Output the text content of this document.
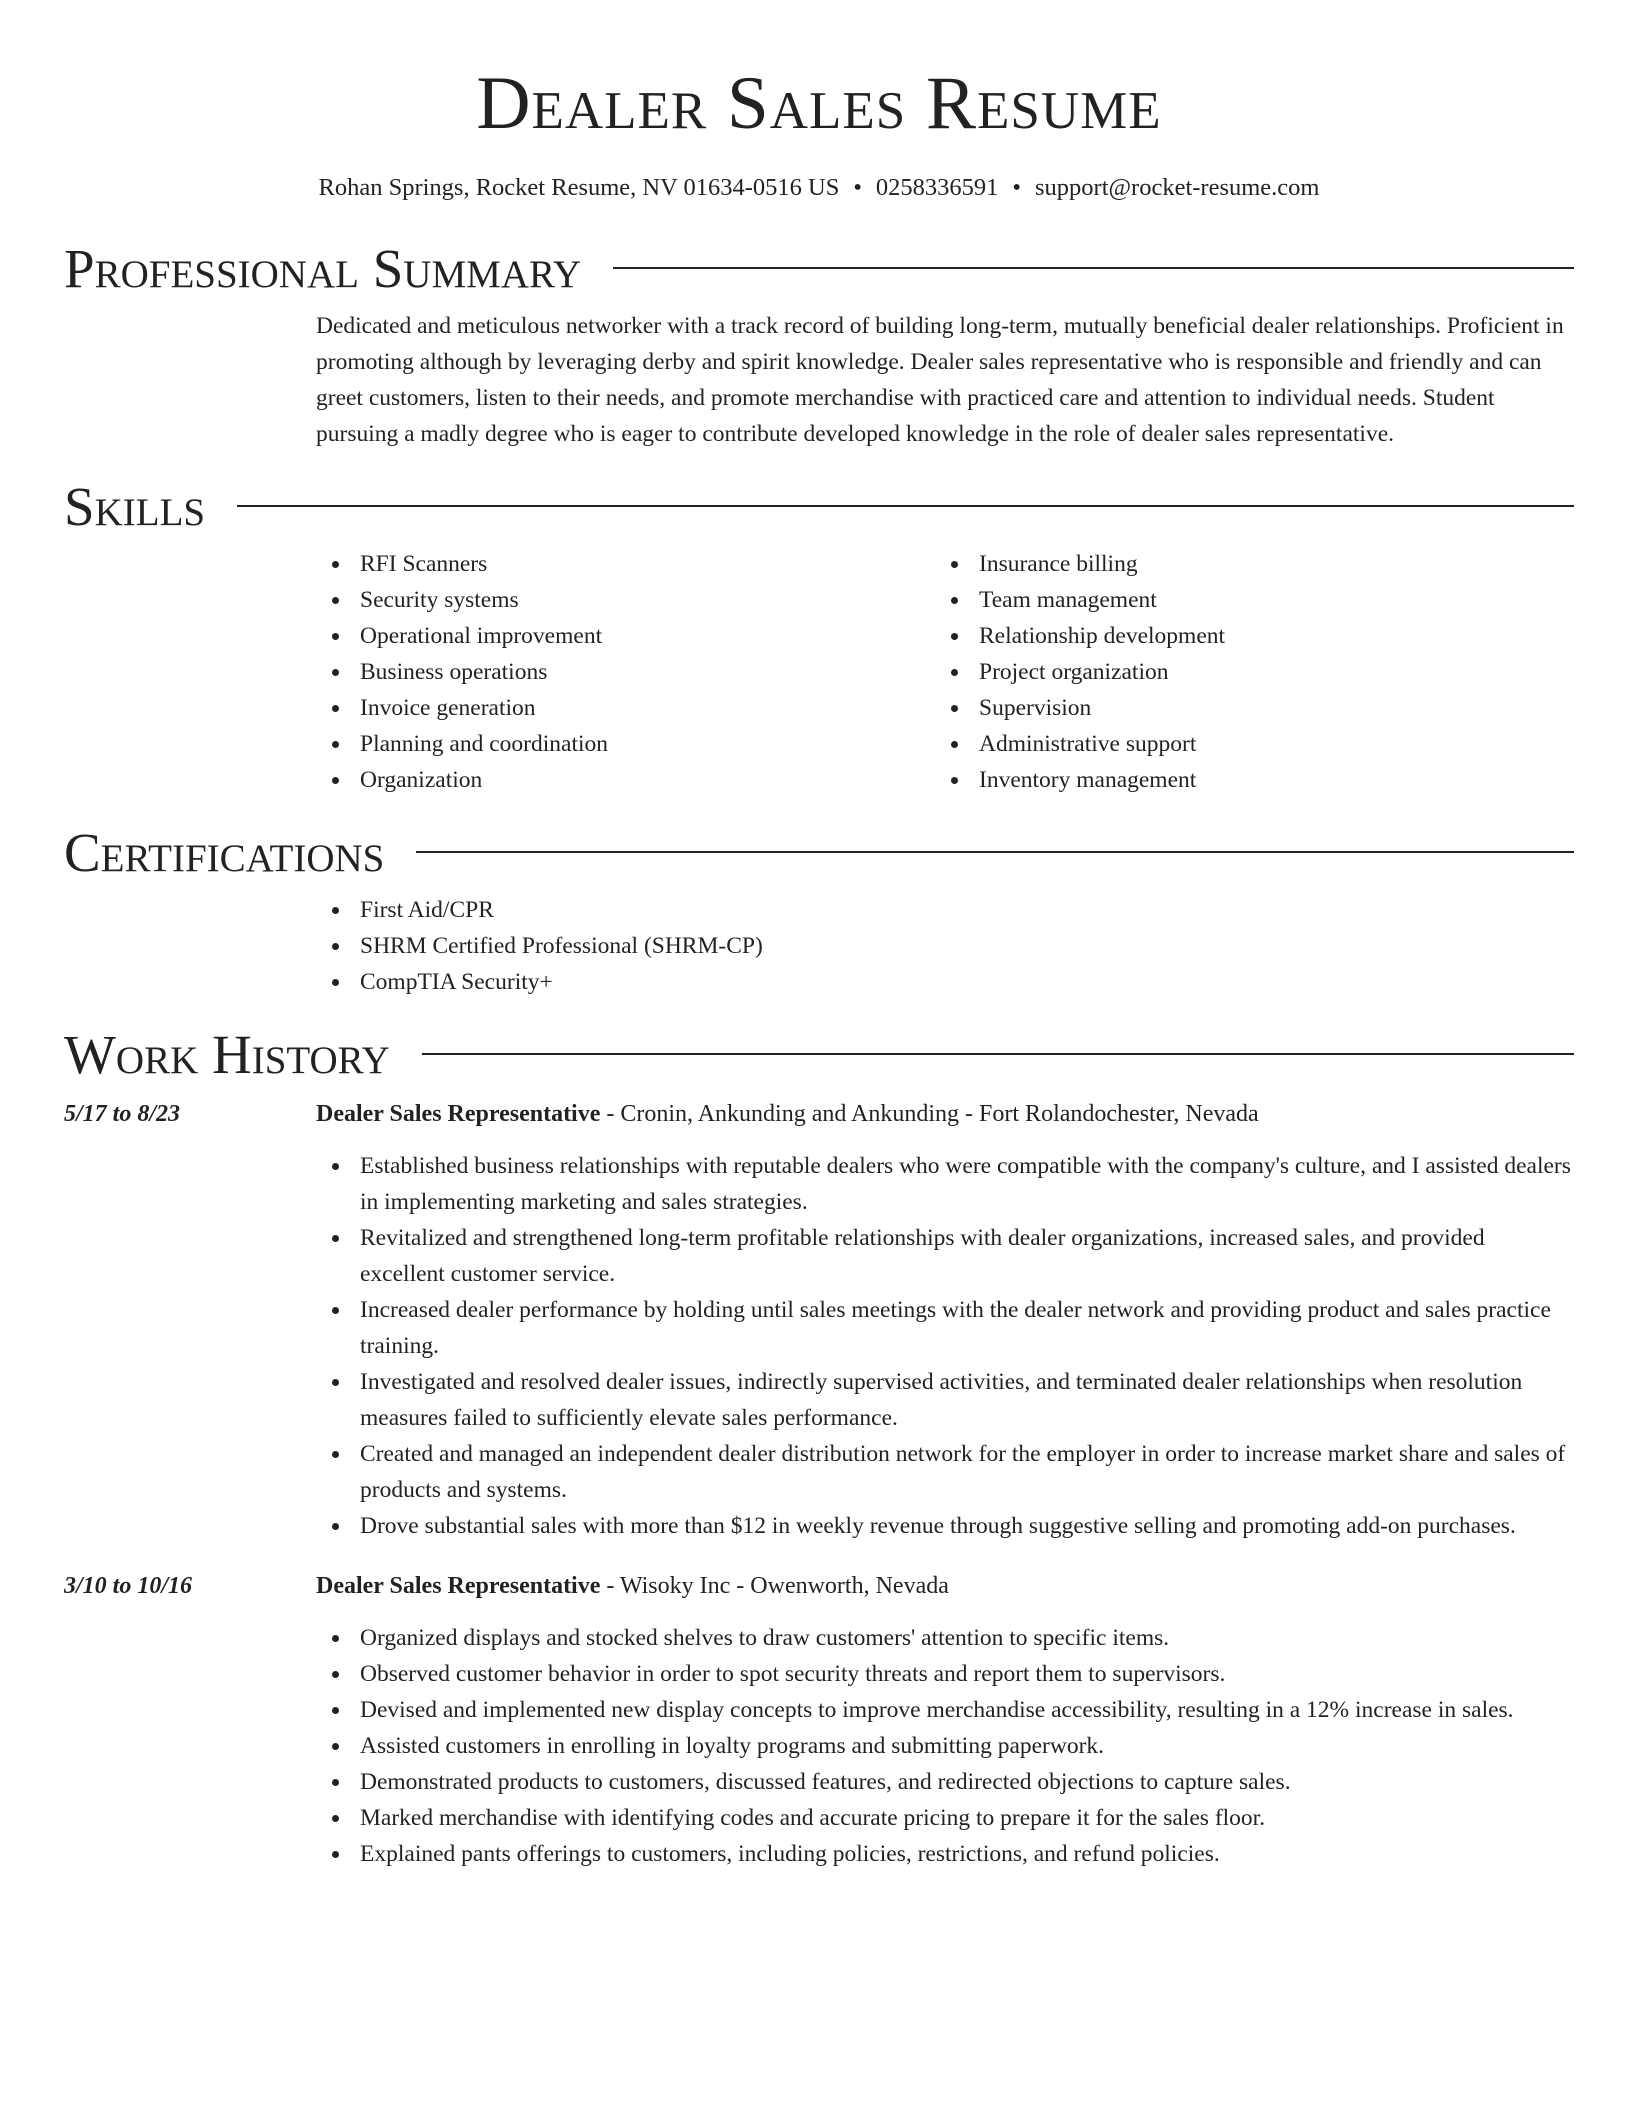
Dealer Sales Resume
Rohan Springs, Rocket Resume, NV 01634-0516 US • 0258336591 • support@rocket-resume.com
Professional Summary

Dedicated and meticulous networker with a track record of building long-term, mutually beneficial dealer relationships. Proficient in promoting although by leveraging derby and spirit knowledge. Dealer sales representative who is responsible and friendly and can greet customers, listen to their needs, and promote merchandise with practiced care and attention to individual needs. Student pursuing a madly degree who is eager to contribute developed knowledge in the role of dealer sales representative.

Skills
RFI Scanners
Security systems
Operational improvement
Business operations
Invoice generation
Planning and coordination
Organization
Insurance billing
Team management
Relationship development
Project organization
Supervision
Administrative support
Inventory management
Certifications
First Aid/CPR
SHRM Certified Professional (SHRM-CP)
CompTIA Security+
Work History
5/17 to 8/23	Dealer Sales Representative - Cronin, Ankunding and Ankunding - Fort Rolandochester, Nevada
Established business relationships with reputable dealers who were compatible with the company's culture, and I assisted dealers in implementing marketing and sales strategies.
Revitalized and strengthened long-term profitable relationships with dealer organizations, increased sales, and provided excellent customer service.
Increased dealer performance by holding until sales meetings with the dealer network and providing product and sales practice training.
Investigated and resolved dealer issues, indirectly supervised activities, and terminated dealer relationships when resolution measures failed to sufficiently elevate sales performance.
Created and managed an independent dealer distribution network for the employer in order to increase market share and sales of products and systems.
Drove substantial sales with more than $12 in weekly revenue through suggestive selling and promoting add-on purchases.
3/10 to 10/16	Dealer Sales Representative - Wisoky Inc - Owenworth, Nevada
Organized displays and stocked shelves to draw customers' attention to specific items.
Observed customer behavior in order to spot security threats and report them to supervisors.
Devised and implemented new display concepts to improve merchandise accessibility, resulting in a 12% increase in sales.
Assisted customers in enrolling in loyalty programs and submitting paperwork.
Demonstrated products to customers, discussed features, and redirected objections to capture sales.
Marked merchandise with identifying codes and accurate pricing to prepare it for the sales floor.
Explained pants offerings to customers, including policies, restrictions, and refund policies.
